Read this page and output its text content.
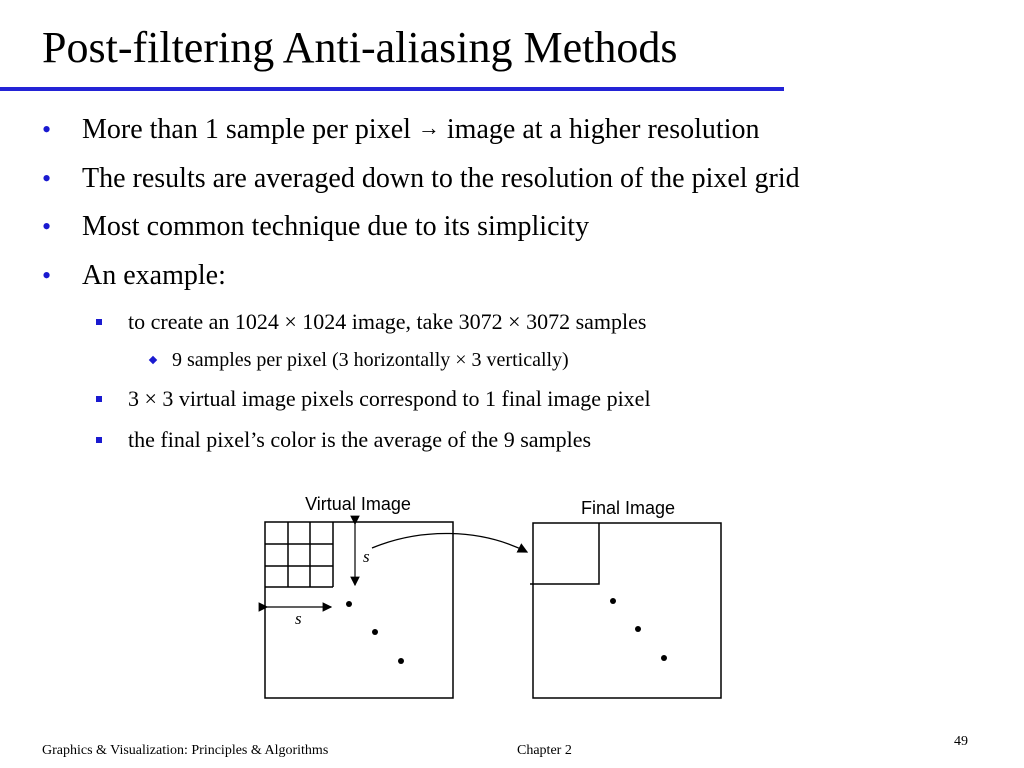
Post-filtering Anti-aliasing Methods
• More than 1 sample per pixel → image at a higher resolution
• The results are averaged down to the resolution of the pixel grid
• Most common technique due to its simplicity
• An example:
to create an 1024 × 1024 image, take 3072 × 3072 samples
9 samples per pixel (3 horizontally × 3 vertically)
3 × 3 virtual image pixels correspond to 1 final image pixel
the final pixel’s color is the average of the 9 samples
Virtual Image	Final Image
s
s
Graphics & Visualization: Principles & Algorithms	Chapter 2
49
